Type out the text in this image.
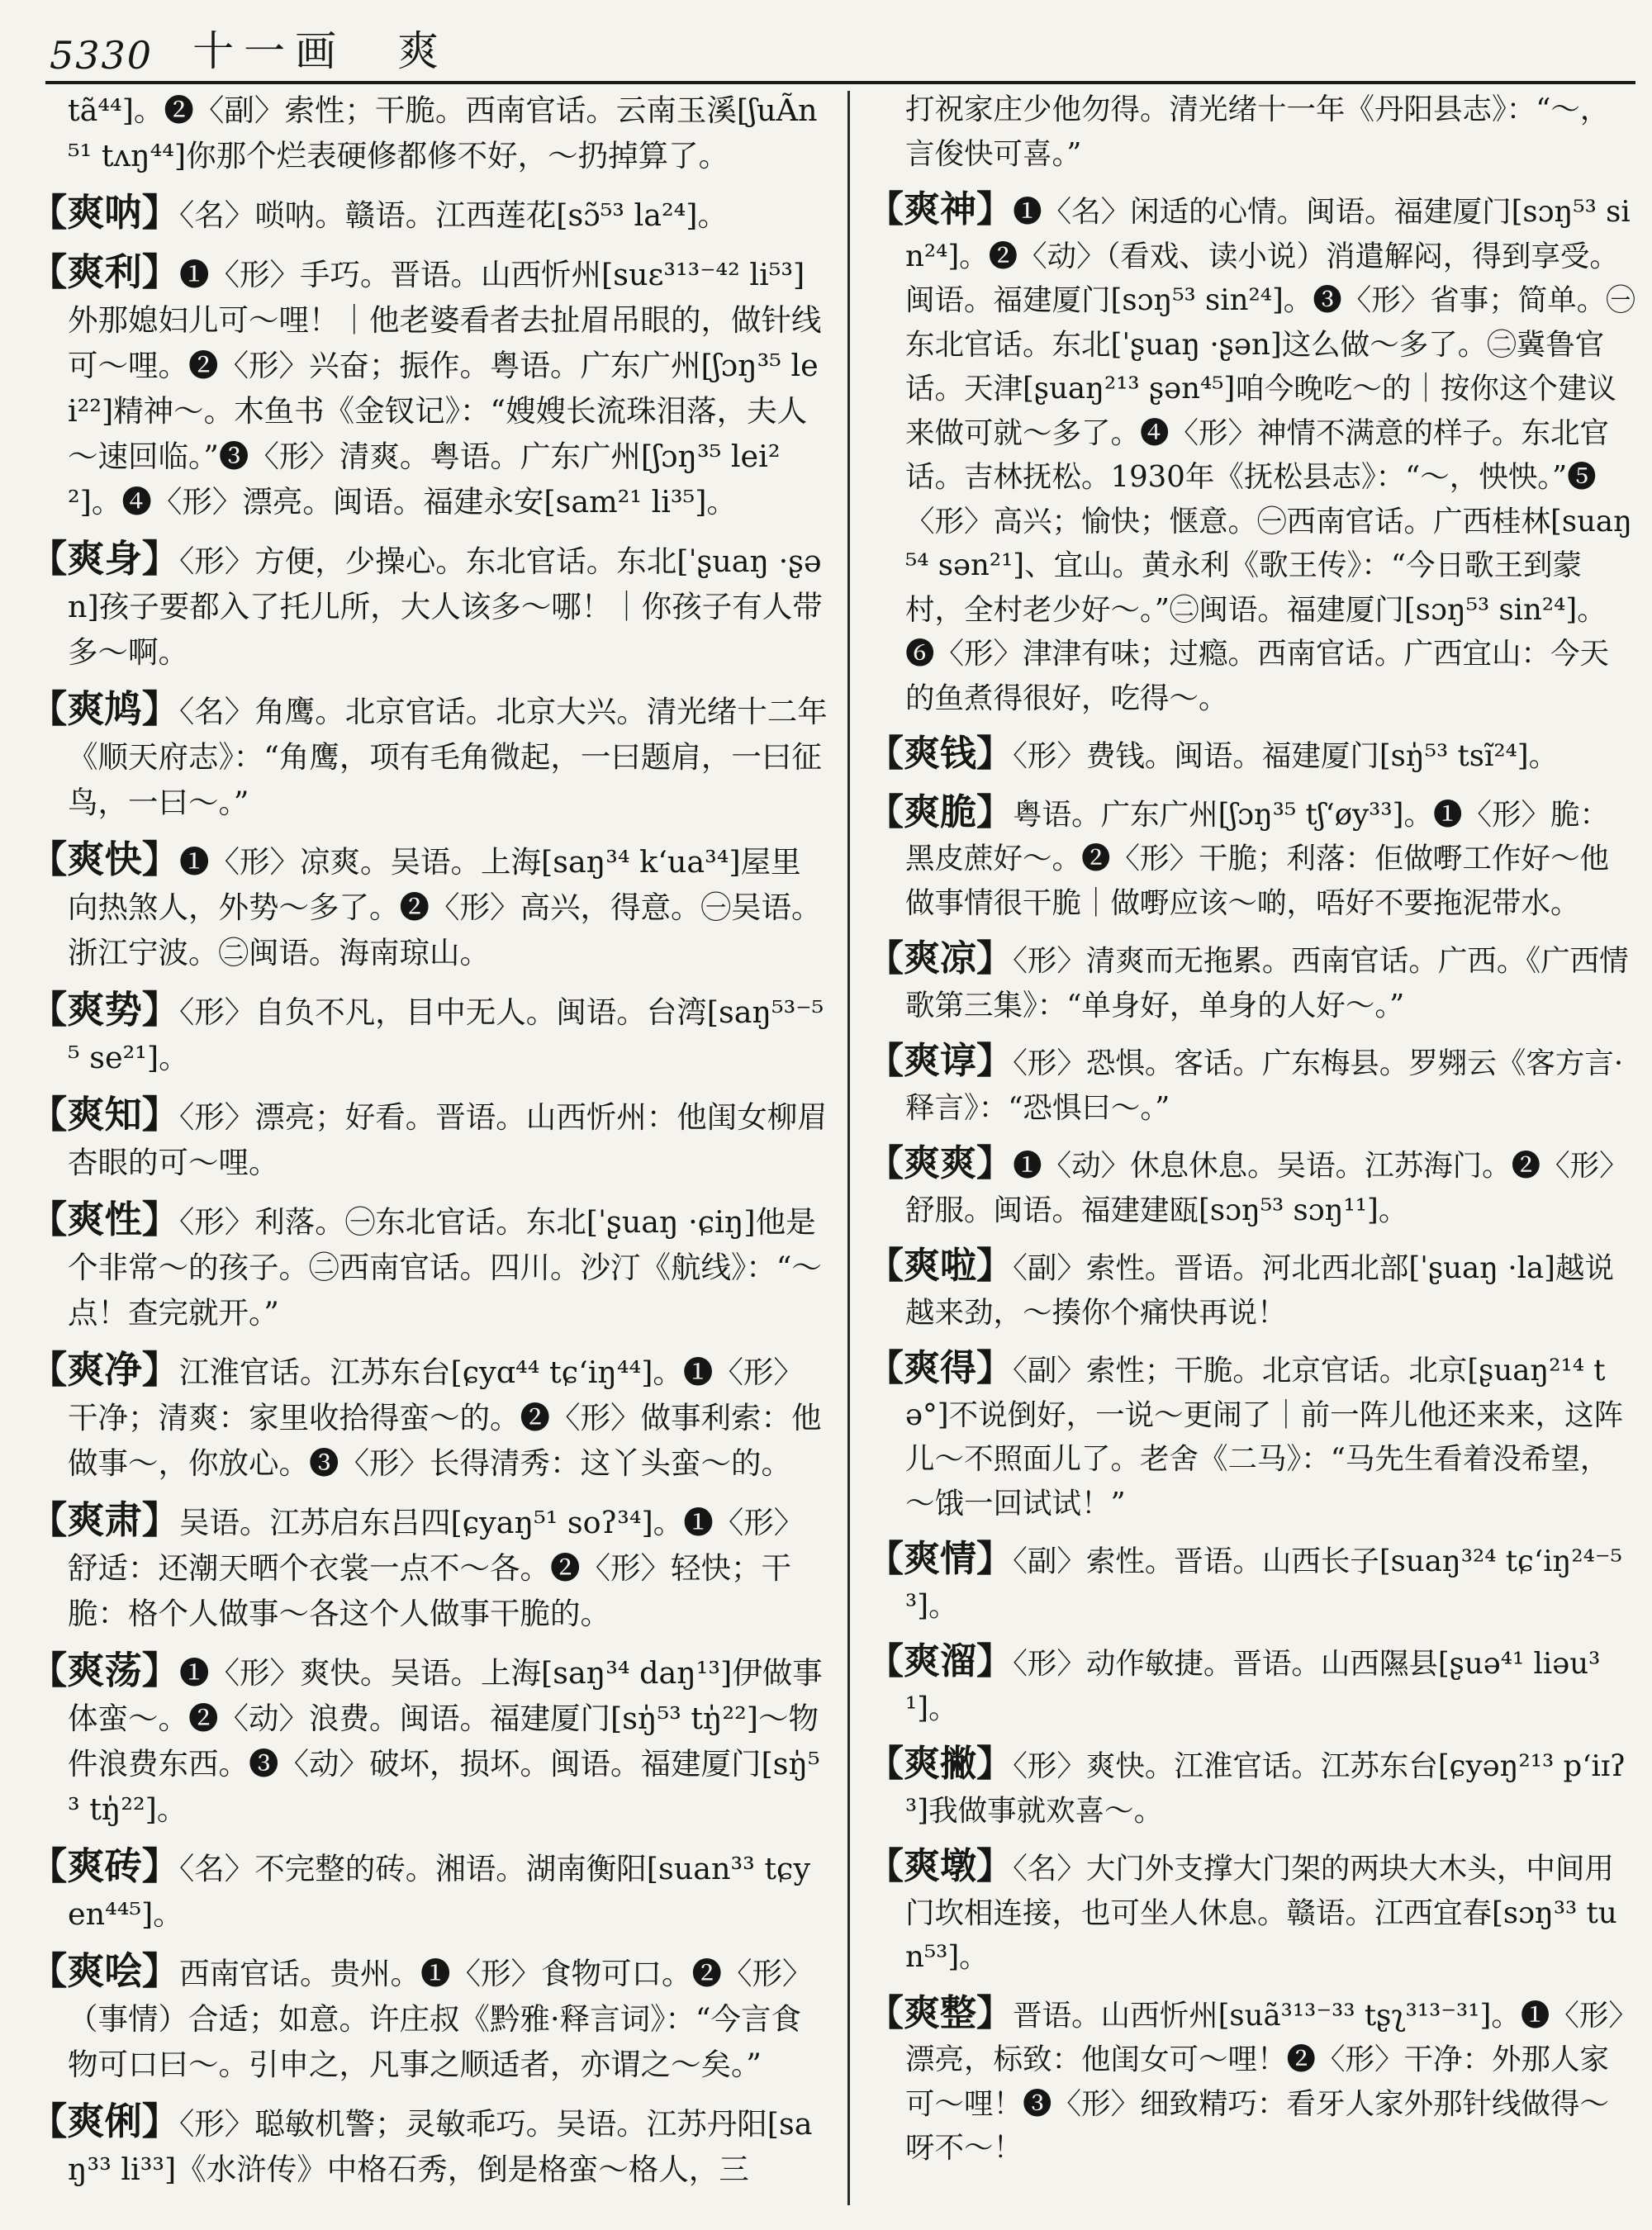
5330 十一画　爽

tã⁴⁴]。❷〈副〉索性；干脆。西南官话。云南玉溪[ʃuÃn⁵¹ tʌŋ⁴⁴]你那个烂表硬修都修不好，～扔掉算了。

【爽呐】〈名〉唢呐。赣语。江西莲花[sɔ̃⁵³ la²⁴]。

【爽利】❶〈形〉手巧。晋语。山西忻州[suɛ³¹³⁻⁴² li⁵³]外那媳妇儿可～哩！｜他老婆看者去扯眉吊眼的，做针线可～哩。❷〈形〉兴奋；振作。粤语。广东广州[ʃɔŋ³⁵ lei²²]精神～。木鱼书《金钗记》：“嫂嫂长流珠泪落，夫人～速回临。”❸〈形〉清爽。粤语。广东广州[ʃɔŋ³⁵ lei²²]。❹〈形〉漂亮。闽语。福建永安[sam²¹ li³⁵]。

【爽身】〈形〉方便，少操心。东北官话。东北[ˈʂuaŋ ·ʂən]孩子要都入了托儿所，大人该多～哪！｜你孩子有人带多～啊。

【爽鸠】〈名〉角鹰。北京官话。北京大兴。清光绪十二年《顺天府志》：“角鹰，项有毛角微起，一曰题肩，一曰征鸟，一曰～。”

【爽快】❶〈形〉凉爽。吴语。上海[saŋ³⁴ kʻua³⁴]屋里向热煞人，外势～多了。❷〈形〉高兴，得意。㊀吴语。浙江宁波。㊁闽语。海南琼山。

【爽势】〈形〉自负不凡，目中无人。闽语。台湾[saŋ⁵³⁻⁵⁵ se²¹]。

【爽知】〈形〉漂亮；好看。晋语。山西忻州：他闺女柳眉杏眼的可～哩。

【爽性】〈形〉利落。㊀东北官话。东北[ˈʂuaŋ ·ɕiŋ]他是个非常～的孩子。㊁西南官话。四川。沙汀《航线》：“～点！查完就开。”

【爽净】江淮官话。江苏东台[ɕyɑ⁴⁴ tɕʻiŋ⁴⁴]。❶〈形〉干净；清爽：家里收拾得蛮～的。❷〈形〉做事利索：他做事～，你放心。❸〈形〉长得清秀：这丫头蛮～的。

【爽肃】吴语。江苏启东吕四[ɕyaŋ⁵¹ soʔ³⁴]。❶〈形〉舒适：还潮天晒个衣裳一点不～各。❷〈形〉轻快；干脆：格个人做事～各这个人做事干脆的。

【爽荡】❶〈形〉爽快。吴语。上海[saŋ³⁴ daŋ¹³]伊做事体蛮～。❷〈动〉浪费。闽语。福建厦门[sŋ̍⁵³ tŋ̍²²]～物件浪费东西。❸〈动〉破坏，损坏。闽语。福建厦门[sŋ̍⁵³ tŋ̍²²]。

【爽砖】〈名〉不完整的砖。湘语。湖南衡阳[suan³³ tɕyen⁴⁴⁵]。

【爽哙】西南官话。贵州。❶〈形〉食物可口。❷〈形〉（事情）合适；如意。许庄叔《黔雅·释言词》：“今言食物可口曰～。引申之，凡事之顺适者，亦谓之～矣。”

【爽俐】〈形〉聪敏机警；灵敏乖巧。吴语。江苏丹阳[saŋ³³ li³³]《水浒传》中格石秀，倒是格蛮～格人，三

打祝家庄少他勿得。清光绪十一年《丹阳县志》：“～，言俊快可喜。”

【爽神】❶〈名〉闲适的心情。闽语。福建厦门[sɔŋ⁵³ sin²⁴]。❷〈动〉（看戏、读小说）消遣解闷，得到享受。闽语。福建厦门[sɔŋ⁵³ sin²⁴]。❸〈形〉省事；简单。㊀东北官话。东北[ˈʂuaŋ ·ʂən]这么做～多了。㊁冀鲁官话。天津[ʂuaŋ²¹³ ʂən⁴⁵]咱今晚吃～的｜按你这个建议来做可就～多了。❹〈形〉神情不满意的样子。东北官话。吉林抚松。1930年《抚松县志》：“～，怏怏。”❺〈形〉高兴；愉快；惬意。㊀西南官话。广西桂林[suaŋ⁵⁴ sən²¹]、宜山。黄永利《歌王传》：“今日歌王到蒙村，全村老少好～。”㊁闽语。福建厦门[sɔŋ⁵³ sin²⁴]。❻〈形〉津津有味；过瘾。西南官话。广西宜山：今天的鱼煮得很好，吃得～。

【爽钱】〈形〉费钱。闽语。福建厦门[sŋ̍⁵³ tsĩ²⁴]。

【爽脆】粤语。广东广州[ʃɔŋ³⁵ tʃʻøy³³]。❶〈形〉脆：黑皮蔗好～。❷〈形〉干脆；利落：佢做嘢工作好～他做事情很干脆｜做嘢应该～啲，唔好不要拖泥带水。

【爽凉】〈形〉清爽而无拖累。西南官话。广西。《广西情歌第三集》：“单身好，单身的人好～。”

【爽谆】〈形〉恐惧。客话。广东梅县。罗翙云《客方言·释言》：“恐惧曰～。”

【爽爽】❶〈动〉休息休息。吴语。江苏海门。❷〈形〉舒服。闽语。福建建瓯[sɔŋ⁵³ sɔŋ¹¹]。

【爽啦】〈副〉索性。晋语。河北西北部[ˈʂuaŋ ·la]越说越来劲，～揍你个痛快再说！

【爽得】〈副〉索性；干脆。北京官话。北京[ʂuaŋ²¹⁴ tə°]不说倒好，一说～更闹了｜前一阵儿他还来来，这阵儿～不照面儿了。老舍《二马》：“马先生看着没希望，～饿一回试试！”

【爽情】〈副〉索性。晋语。山西长子[suaŋ³²⁴ tɕʻiŋ²⁴⁻⁵³]。

【爽溜】〈形〉动作敏捷。晋语。山西隰县[ʂuə⁴¹ liəu³¹]。

【爽撇】〈形〉爽快。江淮官话。江苏东台[ɕyəŋ²¹³ pʻiɪʔ³]我做事就欢喜～。

【爽墩】〈名〉大门外支撑大门架的两块大木头，中间用门坎相连接，也可坐人休息。赣语。江西宜春[sɔŋ³³ tun⁵³]。

【爽整】晋语。山西忻州[suã³¹³⁻³³ tʂʅ³¹³⁻³¹]。❶〈形〉漂亮，标致：他闺女可～哩！❷〈形〉干净：外那人家可～哩！❸〈形〉细致精巧：看牙人家外那针线做得～呀不～！
